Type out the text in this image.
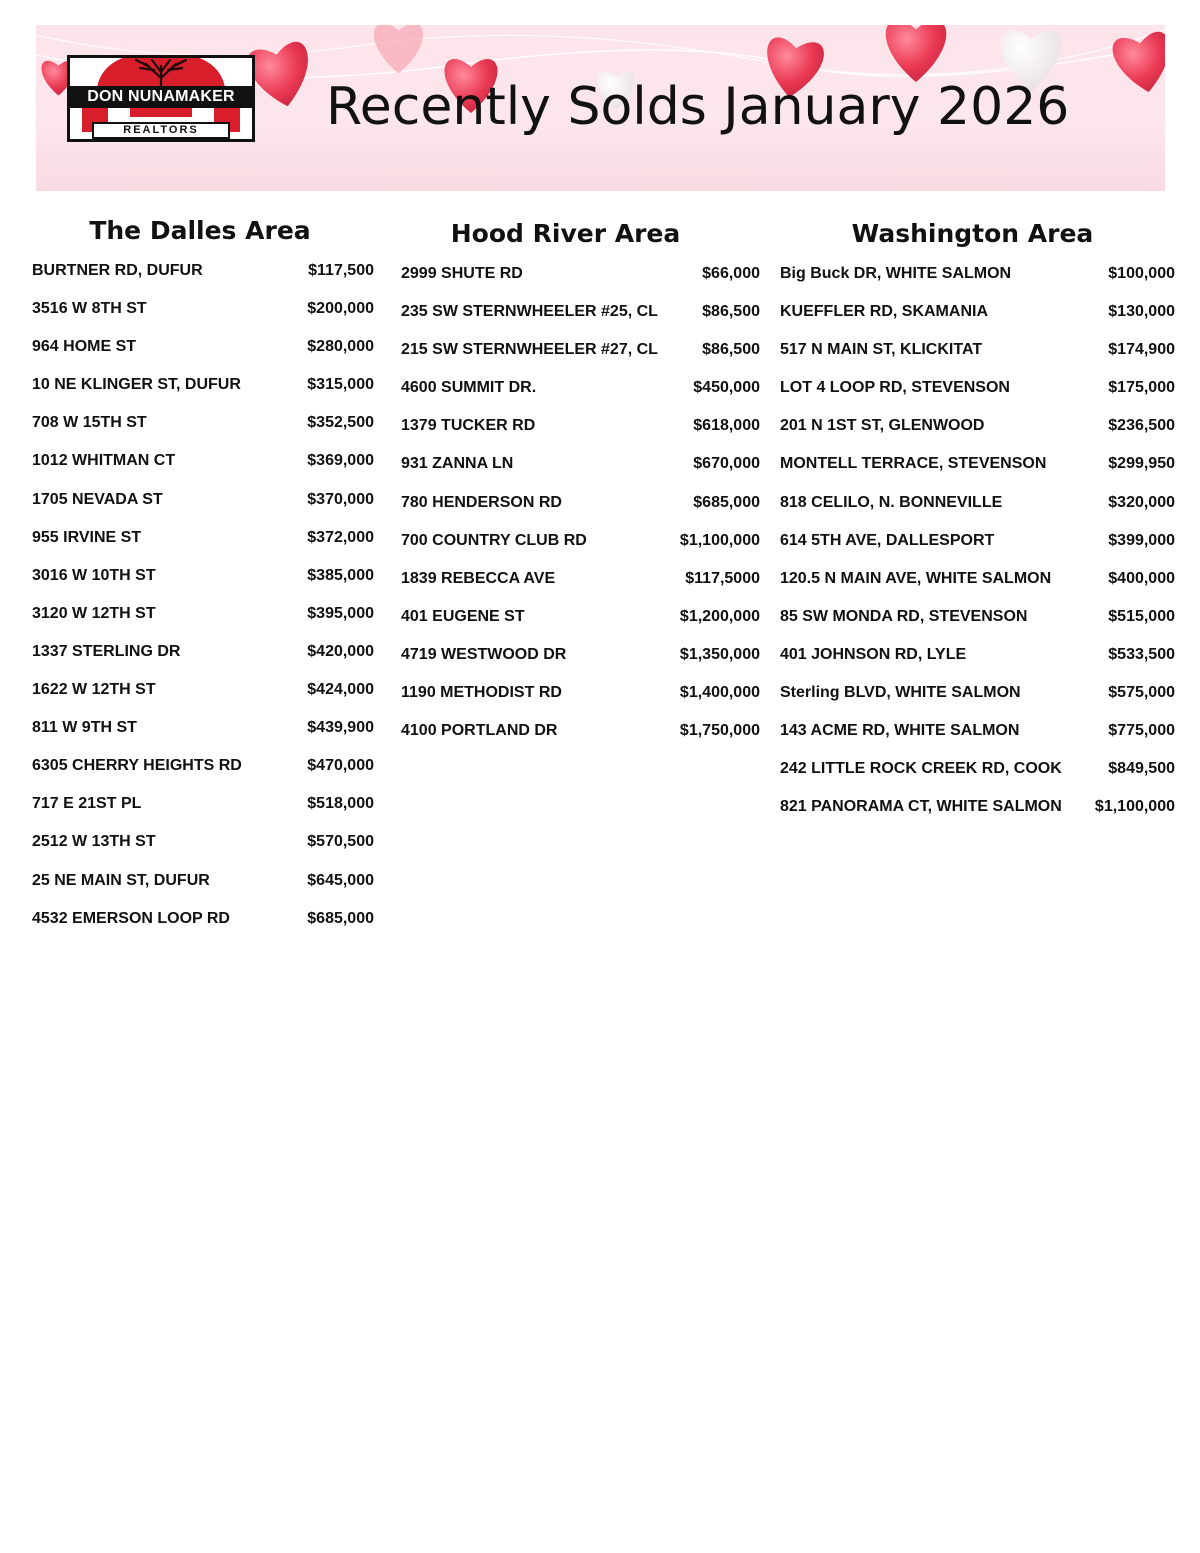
DON NUNAMAKER
REALTORS	Recently Solds January 2026
The Dalles Area
BURTNER RD, DUFUR	$117,500
3516 W 8TH ST	$200,000
964 HOME ST	$280,000
10 NE KLINGER ST, DUFUR	$315,000
708 W 15TH ST	$352,500
1012 WHITMAN CT	$369,000
1705 NEVADA ST	$370,000
955 IRVINE ST	$372,000
3016 W 10TH ST	$385,000
3120 W 12TH ST	$395,000
1337 STERLING DR	$420,000
1622 W 12TH ST	$424,000
811 W 9TH ST	$439,900
6305 CHERRY HEIGHTS RD	$470,000
717 E 21ST PL	$518,000
2512 W 13TH ST	$570,500
25 NE MAIN ST, DUFUR	$645,000
4532 EMERSON LOOP RD	$685,000
Hood River Area
2999 SHUTE RD	$66,000
235 SW STERNWHEELER #25, CL	$86,500
215 SW STERNWHEELER #27, CL	$86,500
4600 SUMMIT DR.	$450,000
1379 TUCKER RD	$618,000
931 ZANNA LN	$670,000
780 HENDERSON RD	$685,000
700 COUNTRY CLUB RD	$1,100,000
1839 REBECCA AVE	$117,5000
401 EUGENE ST	$1,200,000
4719 WESTWOOD DR	$1,350,000
1190 METHODIST RD	$1,400,000
4100 PORTLAND DR	$1,750,000
Washington Area
Big Buck DR, WHITE SALMON	$100,000
KUEFFLER RD, SKAMANIA	$130,000
517 N MAIN ST, KLICKITAT	$174,900
LOT 4 LOOP RD, STEVENSON	$175,000
201 N 1ST ST, GLENWOOD	$236,500
MONTELL TERRACE, STEVENSON	$299,950
818 CELILO, N. BONNEVILLE	$320,000
614 5TH AVE, DALLESPORT	$399,000
120.5 N MAIN AVE, WHITE SALMON	$400,000
85 SW MONDA RD, STEVENSON	$515,000
401 JOHNSON RD, LYLE	$533,500
Sterling BLVD, WHITE SALMON	$575,000
143 ACME RD, WHITE SALMON	$775,000
242 LITTLE ROCK CREEK RD, COOK	$849,500
821 PANORAMA CT, WHITE SALMON $1,100,000
